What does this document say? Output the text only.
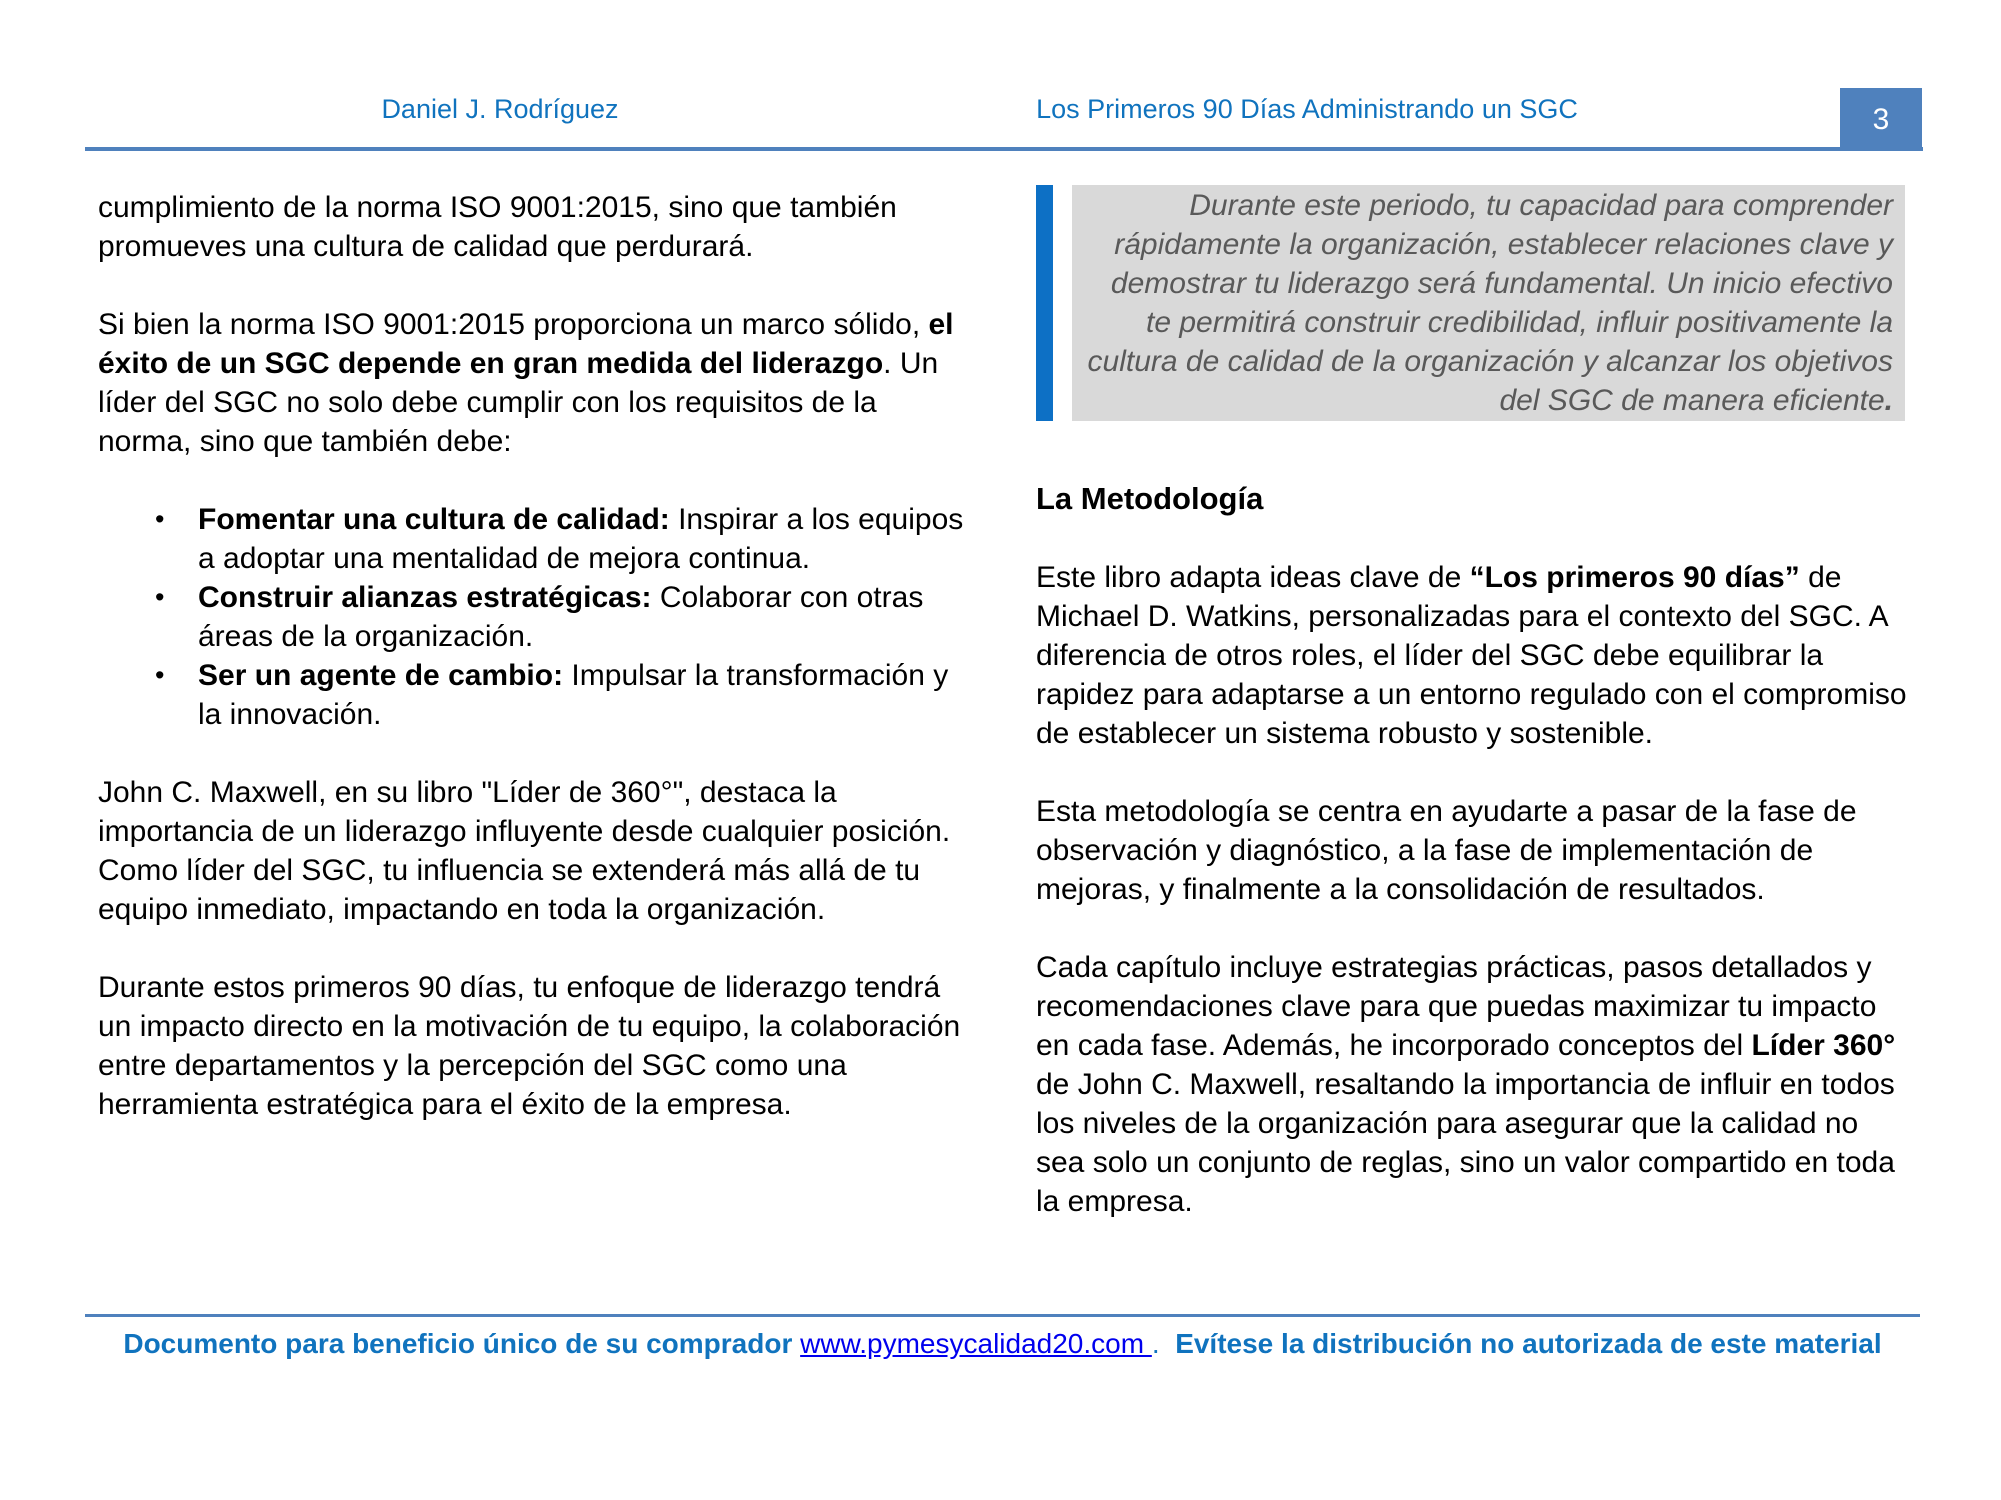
Daniel J. Rodríguez	Los Primeros 90 Días Administrando un SGC	3

cumplimiento de la norma ISO 9001:2015, sino que también promueves una cultura de calidad que perdurará.

Si bien la norma ISO 9001:2015 proporciona un marco sólido, el éxito de un SGC depende en gran medida del liderazgo. Un líder del SGC no solo debe cumplir con los requisitos de la norma, sino que también debe:

• Fomentar una cultura de calidad: Inspirar a los equipos a adoptar una mentalidad de mejora continua.
• Construir alianzas estratégicas: Colaborar con otras áreas de la organización.
• Ser un agente de cambio: Impulsar la transformación y la innovación.

John C. Maxwell, en su libro "Líder de 360°", destaca la importancia de un liderazgo influyente desde cualquier posición. Como líder del SGC, tu influencia se extenderá más allá de tu equipo inmediato, impactando en toda la organización.

Durante estos primeros 90 días, tu enfoque de liderazgo tendrá un impacto directo en la motivación de tu equipo, la colaboración entre departamentos y la percepción del SGC como una herramienta estratégica para el éxito de la empresa.

Durante este periodo, tu capacidad para comprender rápidamente la organización, establecer relaciones clave y demostrar tu liderazgo será fundamental. Un inicio efectivo te permitirá construir credibilidad, influir positivamente la cultura de calidad de la organización y alcanzar los objetivos del SGC de manera eficiente.
La Metodología

Este libro adapta ideas clave de “Los primeros 90 días” de Michael D. Watkins, personalizadas para el contexto del SGC. A diferencia de otros roles, el líder del SGC debe equilibrar la rapidez para adaptarse a un entorno regulado con el compromiso de establecer un sistema robusto y sostenible.

Esta metodología se centra en ayudarte a pasar de la fase de observación y diagnóstico, a la fase de implementación de mejoras, y finalmente a la consolidación de resultados.

Cada capítulo incluye estrategias prácticas, pasos detallados y recomendaciones clave para que puedas maximizar tu impacto en cada fase. Además, he incorporado conceptos del Líder 360° de John C. Maxwell, resaltando la importancia de influir en todos los niveles de la organización para asegurar que la calidad no sea solo un conjunto de reglas, sino un valor compartido en toda la empresa.

Documento para beneficio único de su comprador www.pymesycalidad20.com .  Evítese la distribución no autorizada de este material
